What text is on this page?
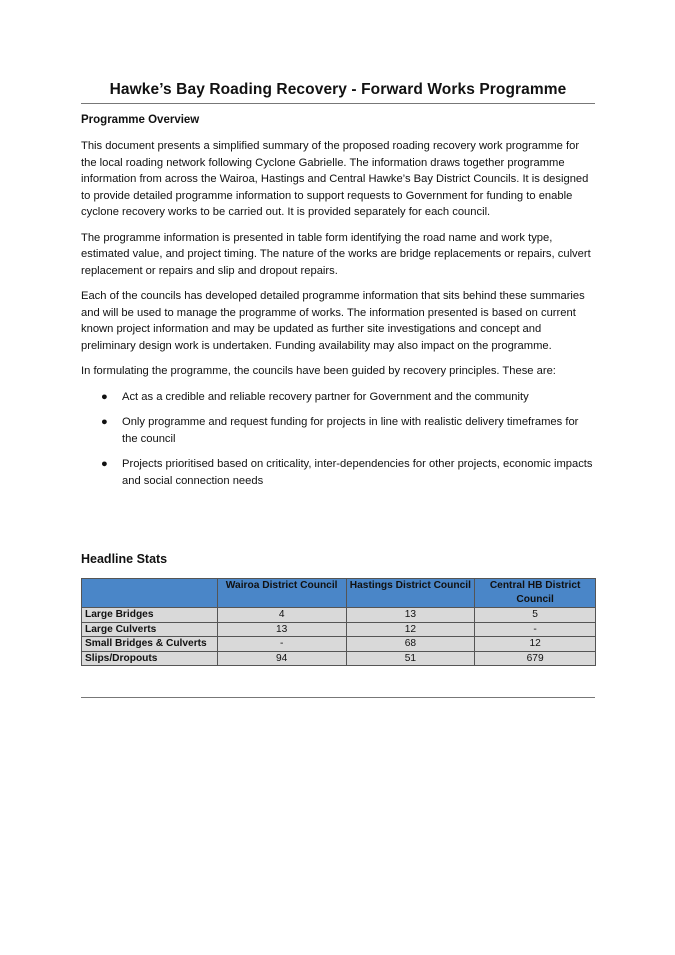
Hawke’s Bay Roading Recovery - Forward Works Programme
Programme Overview

This document presents a simplified summary of the proposed roading recovery work programme for the local roading network following Cyclone Gabrielle. The information draws together programme information from across the Wairoa, Hastings and Central Hawke’s Bay District Councils. It is designed to provide detailed programme information to support requests to Government for funding to enable cyclone recovery works to be carried out. It is provided separately for each council.

The programme information is presented in table form identifying the road name and work type, estimated value, and project timing. The nature of the works are bridge replacements or repairs, culvert replacement or repairs and slip and dropout repairs.

Each of the councils has developed detailed programme information that sits behind these summaries and will be used to manage the programme of works. The information presented is based on current known project information and may be updated as further site investigations and concept and preliminary design work is undertaken. Funding availability may also impact on the programme.

In formulating the programme, the councils have been guided by recovery principles. These are:

● Act as a credible and reliable recovery partner for Government and the community
● Only programme and request funding for projects in line with realistic delivery timeframes for the council
● Projects prioritised based on criticality, inter-dependencies for other projects, economic impacts and social connection needs
Headline Stats
	Wairoa District Council	Hastings District Council	Central HB District Council
Large Bridges	4	13	5
Large Culverts	13	12	-
Small Bridges & Culverts	-	68	12
Slips/Dropouts	94	51	679
